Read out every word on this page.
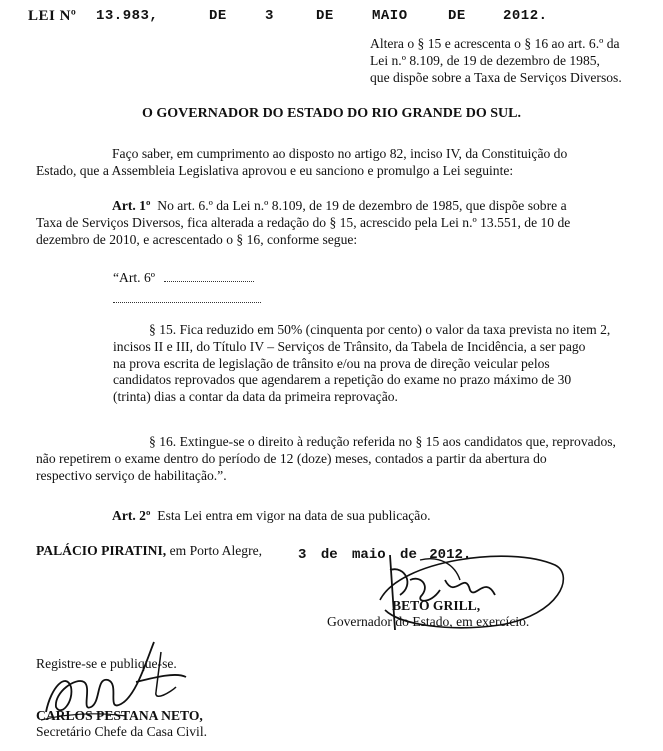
LEI Nº 13.983,	DE	3	DE	MAIO	DE	2012.
Altera o § 15 e acrescenta o § 16 ao art. 6.º da
Lei n.º 8.109, de 19 de dezembro de 1985,
que dispõe sobre a Taxa de Serviços Diversos.
O GOVERNADOR DO ESTADO DO RIO GRANDE DO SUL.
Faço saber, em cumprimento ao disposto no artigo 82, inciso IV, da Constituição do
Estado, que a Assembleia Legislativa aprovou e eu sanciono e promulgo a Lei seguinte:
Art. 1º No art. 6.º da Lei n.º 8.109, de 19 de dezembro de 1985, que dispõe sobre a
Taxa de Serviços Diversos, fica alterada a redação do § 15, acrescido pela Lei n.º 13.551, de 10 de
dezembro de 2010, e acrescentado o § 16, conforme segue:
“Art. 6º
§ 15. Fica reduzido em 50% (cinquenta por cento) o valor da taxa prevista no item 2,
incisos II e III, do Título IV – Serviços de Trânsito, da Tabela de Incidência, a ser pago
na prova escrita de legislação de trânsito e/ou na prova de direção veicular pelos
candidatos reprovados que agendarem a repetição do exame no prazo máximo de 30
(trinta) dias a contar da data da primeira reprovação.
§ 16. Extingue-se o direito à redução referida no § 15 aos candidatos que, reprovados,
não repetirem o exame dentro do período de 12 (doze) meses, contados a partir da abertura do
respectivo serviço de habilitação.”.
Art. 2º Esta Lei entra em vigor na data de sua publicação.
PALÁCIO PIRATINI, em Porto Alegre,	3 de maio de 2012.
BETO GRILL,
Governador do Estado, em exercício.
Registre-se e publique-se.
CARLOS PESTANA NETO,
Secretário Chefe da Casa Civil.
